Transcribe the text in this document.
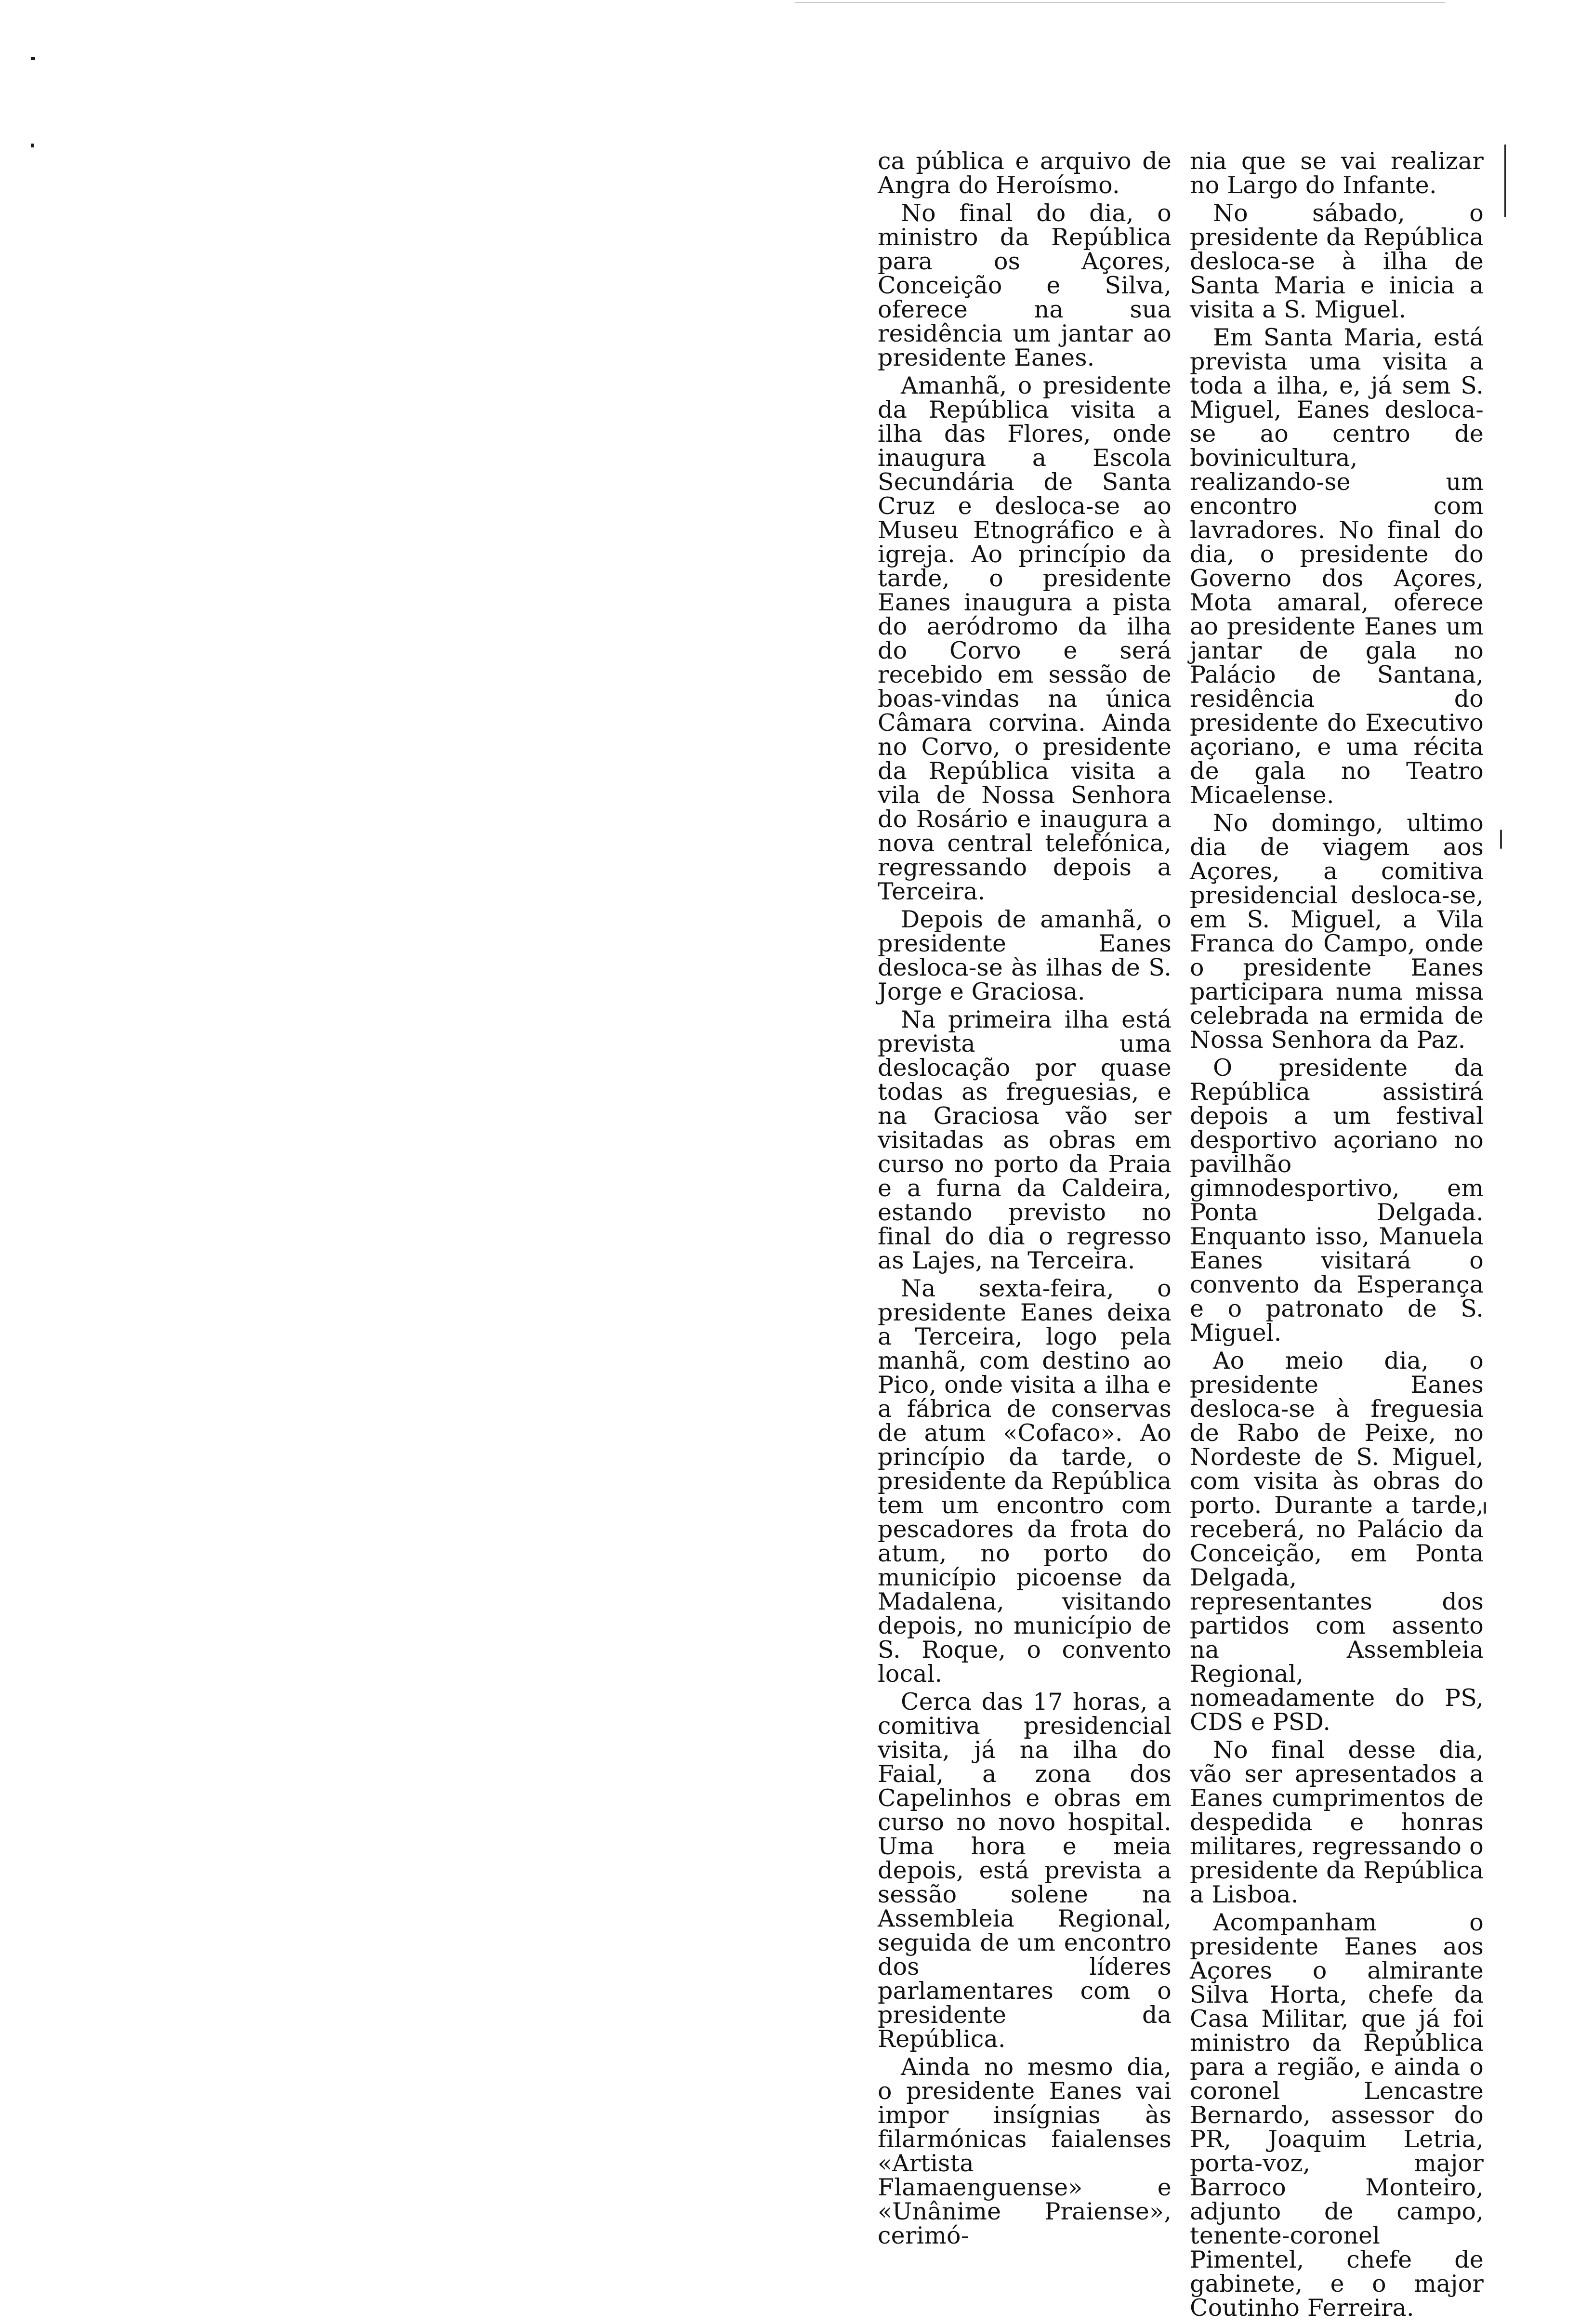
ca pública e arquivo de Angra do Heroísmo.

No final do dia, o ministro da República para os Açores, Conceição e Silva, oferece na sua residência um jantar ao presidente Eanes.

Amanhã, o presidente da República visita a ilha das Flores, onde inaugura a Escola Secundária de Santa Cruz e desloca-se ao Museu Etnográfico e à igreja. Ao princípio da tarde, o presidente Eanes inaugura a pista do aeródromo da ilha do Corvo e será recebido em sessão de boas-vindas na única Câmara corvina. Ainda no Corvo, o presidente da República visita a vila de Nossa Senhora do Rosário e inaugura a nova central telefónica, regressando depois a Terceira.

Depois de amanhã, o presidente Eanes desloca-se às ilhas de S. Jorge e Graciosa.

Na primeira ilha está prevista uma deslocação por quase todas as freguesias, e na Graciosa vão ser visitadas as obras em curso no porto da Praia e a furna da Caldeira, estando previsto no final do dia o regresso as Lajes, na Terceira.

Na sexta-feira, o presidente Eanes deixa a Terceira, logo pela manhã, com destino ao Pico, onde visita a ilha e a fábrica de conservas de atum «Cofaco». Ao princípio da tarde, o presidente da República tem um encontro com pescadores da frota do atum, no porto do município picoense da Madalena, visitando depois, no município de S. Roque, o convento local.

Cerca das 17 horas, a comitiva presidencial visita, já na ilha do Faial, a zona dos Capelinhos e obras em curso no novo hospital. Uma hora e meia depois, está prevista a sessão solene na Assembleia Regional, seguida de um encontro dos líderes parlamentares com o presidente da República.

Ainda no mesmo dia, o presidente Eanes vai impor insígnias às filarmónicas faialenses «Artista Flamaenguense» e «Unânime Praiense», cerimó-

nia que se vai realizar no Largo do Infante.

No sábado, o presidente da República desloca-se à ilha de Santa Maria e inicia a visita a S. Miguel.

Em Santa Maria, está prevista uma visita a toda a ilha, e, já sem S. Miguel, Eanes desloca-se ao centro de bovinicultura, realizando-se um encontro com lavradores. No final do dia, o presidente do Governo dos Açores, Mota amaral, oferece ao presidente Eanes um jantar de gala no Palácio de Santana, residência do presidente do Executivo açoriano, e uma récita de gala no Teatro Micaelense.

No domingo, ultimo dia de viagem aos Açores, a comitiva presidencial desloca-se, em S. Miguel, a Vila Franca do Campo, onde o presidente Eanes participara numa missa celebrada na ermida de Nossa Senhora da Paz.

O presidente da República assistirá depois a um festival desportivo açoriano no pavilhão gimnodesportivo, em Ponta Delgada. Enquanto isso, Manuela Eanes visitará o convento da Esperança e o patronato de S. Miguel.

Ao meio dia, o presidente Eanes desloca-se à freguesia de Rabo de Peixe, no Nordeste de S. Miguel, com visita às obras do porto. Durante a tarde, receberá, no Palácio da Conceição, em Ponta Delgada, representantes dos partidos com assento na Assembleia Regional, nomeadamente do PS, CDS e PSD.

No final desse dia, vão ser apresentados a Eanes cumprimentos de despedida e honras militares, regressando o presidente da República a Lisboa.

Acompanham o presidente Eanes aos Açores o almirante Silva Horta, chefe da Casa Militar, que já foi ministro da República para a região, e ainda o coronel Lencastre Bernardo, assessor do PR, Joaquim Letria, porta-voz, major Barroco Monteiro, adjunto de campo, tenente-coronel Pimentel, chefe de gabinete, e o major Coutinho Ferreira.
